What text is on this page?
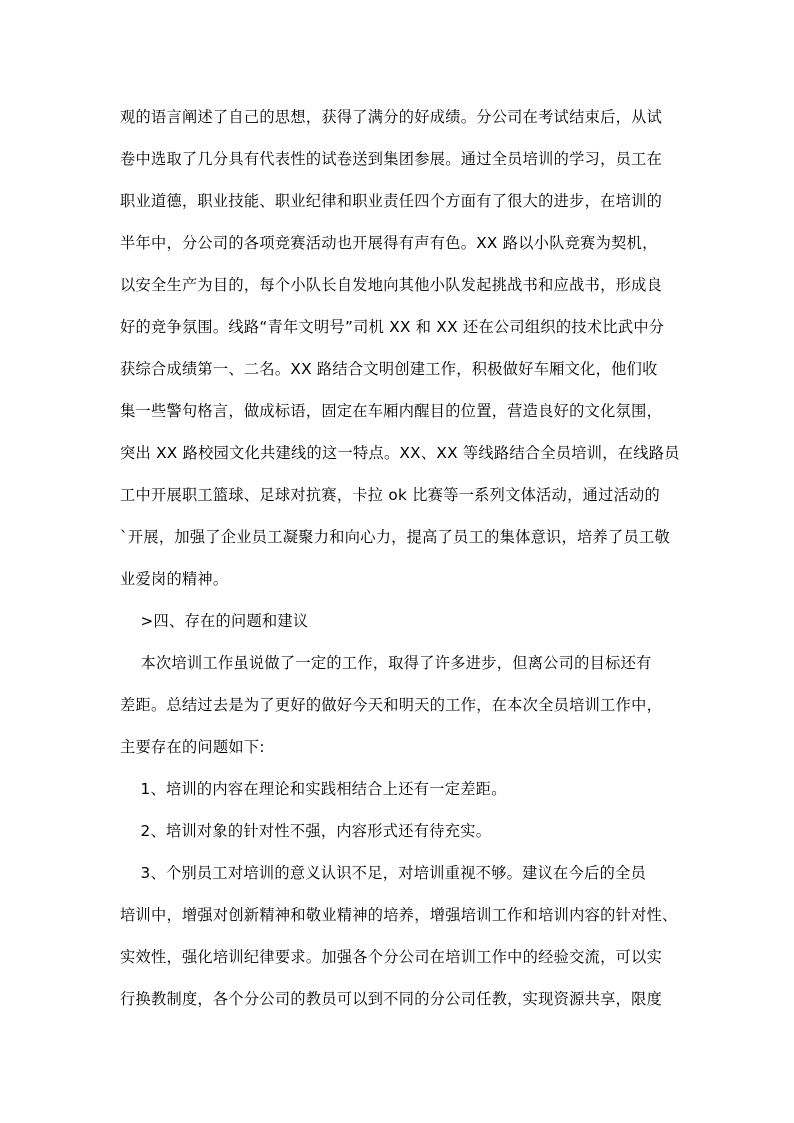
观的语言阐述了自己的思想，获得了满分的好成绩。分公司在考试结束后，从试
卷中选取了几分具有代表性的试卷送到集团参展。通过全员培训的学习，员工在
职业道德，职业技能、职业纪律和职业责任四个方面有了很大的进步，在培训的
半年中，分公司的各项竞赛活动也开展得有声有色。XX 路以小队竞赛为契机，
以安全生产为目的，每个小队长自发地向其他小队发起挑战书和应战书，形成良
好的竞争氛围。线路“青年文明号”司机 XX 和 XX 还在公司组织的技术比武中分
获综合成绩第一、二名。XX 路结合文明创建工作，积极做好车厢文化，他们收
集一些警句格言，做成标语，固定在车厢内醒目的位置，营造良好的文化氛围，
突出 XX 路校园文化共建线的这一特点。XX、XX 等线路结合全员培训，在线路员
工中开展职工篮球、足球对抗赛，卡拉 ok 比赛等一系列文体活动，通过活动的
`开展，加强了企业员工凝聚力和向心力，提高了员工的集体意识，培养了员工敬
业爱岗的精神。
>四、存在的问题和建议
本次培训工作虽说做了一定的工作，取得了许多进步，但离公司的目标还有
差距。总结过去是为了更好的做好今天和明天的工作，在本次全员培训工作中，
主要存在的问题如下:
1、培训的内容在理论和实践相结合上还有一定差距。
2、培训对象的针对性不强，内容形式还有待充实。
3、个别员工对培训的意义认识不足，对培训重视不够。建议在今后的全员
培训中，增强对创新精神和敬业精神的培养，增强培训工作和培训内容的针对性、
实效性，强化培训纪律要求。加强各个分公司在培训工作中的经验交流，可以实
行换教制度，各个分公司的教员可以到不同的分公司任教，实现资源共享，限度
